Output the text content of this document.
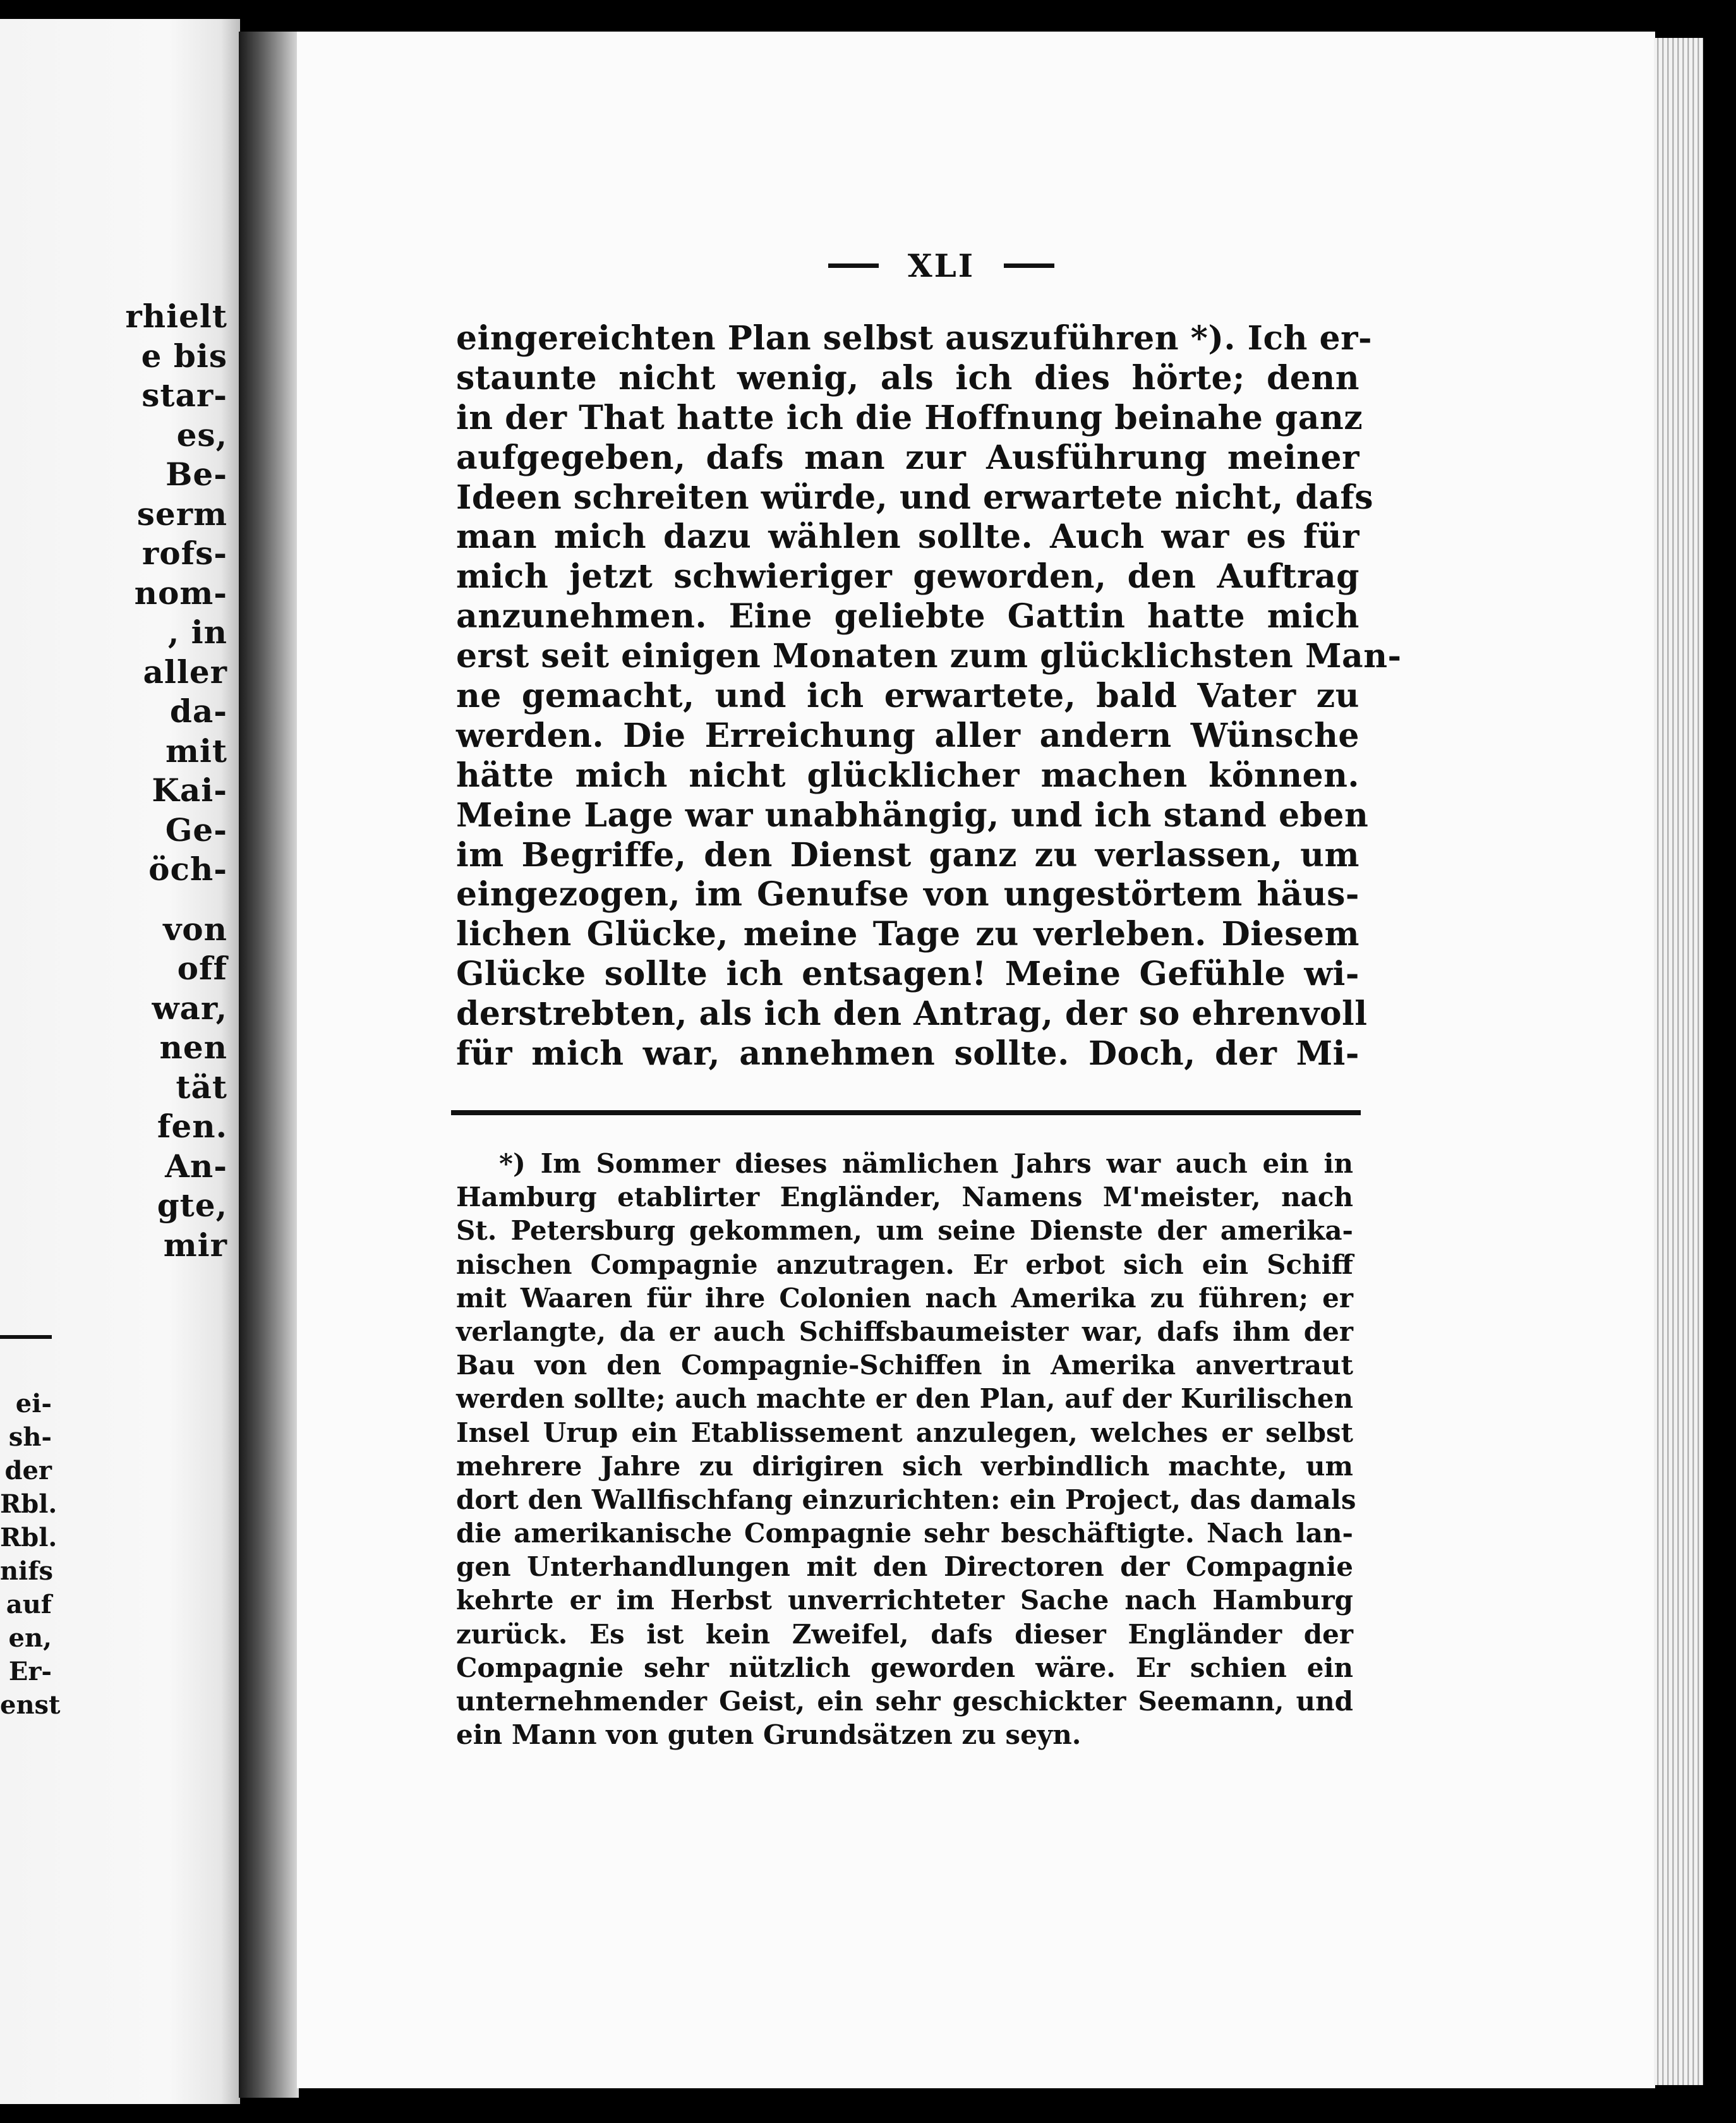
rhielt
e bis
star-
es,
Be-
serm
rofs-
nom-
, in
aller
da-
mit
Kai-
Ge-
öch-
von
off
war,
nen
tät
fen.
An-
gte,
mir
ei-
sh-
der
Rbl.
Rbl.
nifs
auf
en,
Er-
enst
XLI
eingereichten Plan selbst auszuführen *). Ich er-
staunte nicht wenig, als ich dies hörte; denn
in der That hatte ich die Hoffnung beinahe ganz
aufgegeben, dafs man zur Ausführung meiner
Ideen schreiten würde, und erwartete nicht, dafs
man mich dazu wählen sollte. Auch war es für
mich jetzt schwieriger geworden, den Auftrag
anzunehmen. Eine geliebte Gattin hatte mich
erst seit einigen Monaten zum glücklichsten Man-
ne gemacht, und ich erwartete, bald Vater zu
werden. Die Erreichung aller andern Wünsche
hätte mich nicht glücklicher machen können.
Meine Lage war unabhängig, und ich stand eben
im Begriffe, den Dienst ganz zu verlassen, um
eingezogen, im Genufse von ungestörtem häus-
lichen Glücke, meine Tage zu verleben. Diesem
Glücke sollte ich entsagen! Meine Gefühle wi-
derstrebten, als ich den Antrag, der so ehrenvoll
für mich war, annehmen sollte. Doch, der Mi-
*) Im Sommer dieses nämlichen Jahrs war auch ein in
Hamburg etablirter Engländer, Namens M'meister, nach
St. Petersburg gekommen, um seine Dienste der amerika-
nischen Compagnie anzutragen. Er erbot sich ein Schiff
mit Waaren für ihre Colonien nach Amerika zu führen; er
verlangte, da er auch Schiffsbaumeister war, dafs ihm der
Bau von den Compagnie-Schiffen in Amerika anvertraut
werden sollte; auch machte er den Plan, auf der Kurilischen
Insel Urup ein Etablissement anzulegen, welches er selbst
mehrere Jahre zu dirigiren sich verbindlich machte, um
dort den Wallfischfang einzurichten: ein Project, das damals
die amerikanische Compagnie sehr beschäftigte. Nach lan-
gen Unterhandlungen mit den Directoren der Compagnie
kehrte er im Herbst unverrichteter Sache nach Hamburg
zurück. Es ist kein Zweifel, dafs dieser Engländer der
Compagnie sehr nützlich geworden wäre. Er schien ein
unternehmender Geist, ein sehr geschickter Seemann, und
ein Mann von guten Grundsätzen zu seyn.
